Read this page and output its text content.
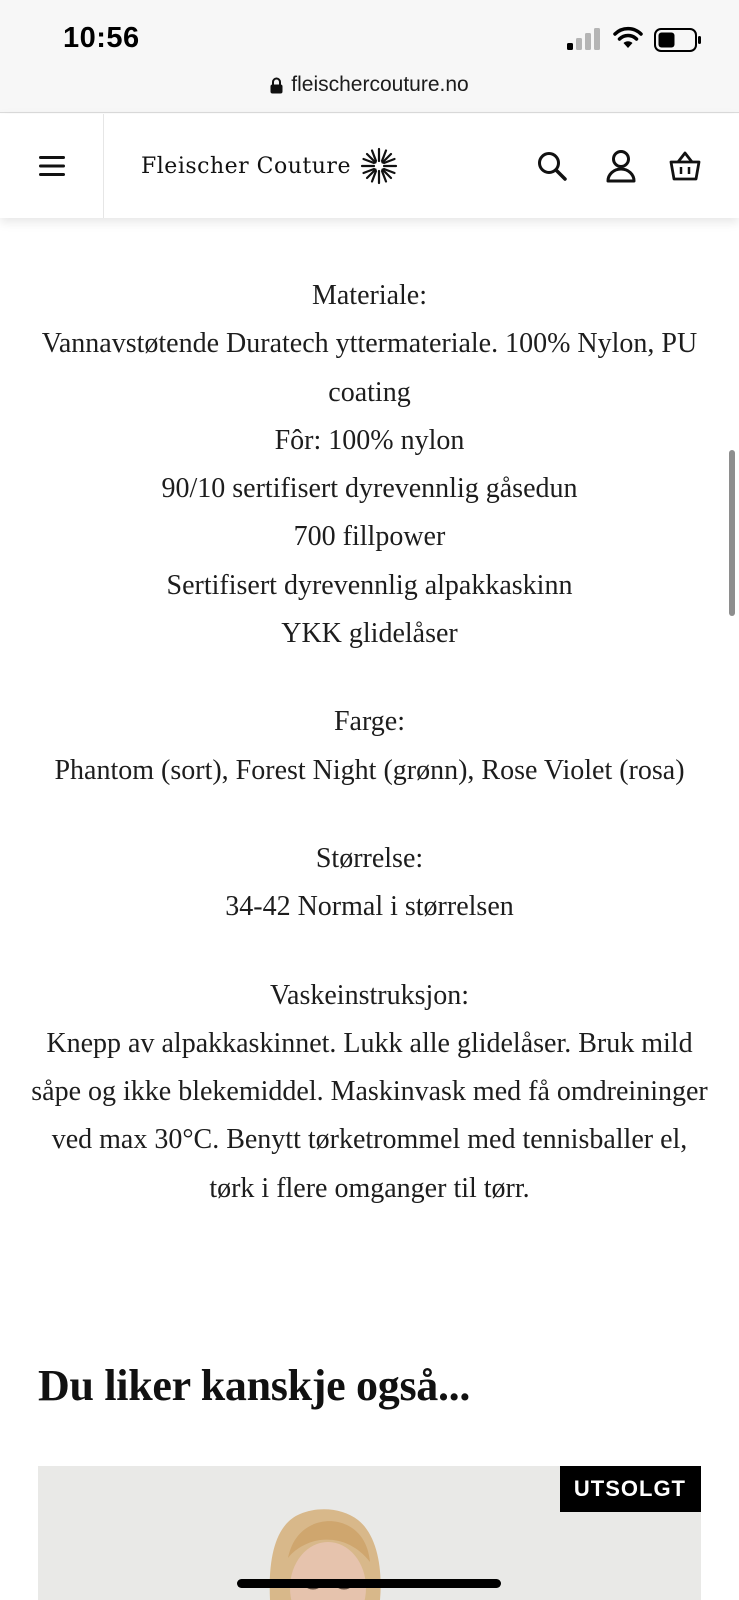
10:56
fleischercouture.no
Fleischer Couture

Materiale:

Vannavstøtende Duratech yttermateriale. 100% Nylon, PU coating

Fôr: 100% nylon

90/10 sertifisert dyrevennlig gåsedun

700 fillpower

Sertifisert dyrevennlig alpakkaskinn

YKK glidelåser

Farge:

Phantom (sort), Forest Night (grønn), Rose Violet (rosa)

Størrelse:

34-42 Normal i størrelsen

Vaskeinstruksjon:

Knepp av alpakkaskinnet. Lukk alle glidelåser. Bruk mild såpe og ikke blekemiddel. Maskinvask med få omdreininger ved max 30°C. Benytt tørketrommel med tennisballer el, tørk i flere omganger til tørr.

Du liker kanskje også...
UTSOLGT
